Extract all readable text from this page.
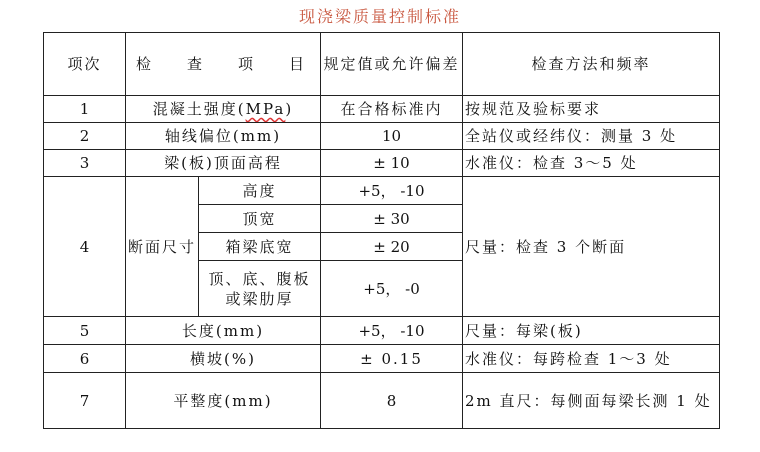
现浇梁质量控制标准
项次	检 查 项 目		规定值或允许偏差	检查方法和频率
1	混凝土强度(MPa)		在合格标准内	按规范及验标要求
2	轴线偏位(mm)		10	全站仪或经纬仪：测量 3 处
3	梁(板)顶面高程		± 10	水准仪：检查 3～5 处
4	断面尺寸	高度	+5， -10	尺量：检查 3 个断面
		顶宽	± 30	
		箱梁底宽	± 20	
		顶、底、腹板或梁肋厚	+5， -0	
5	长度(mm)		+5， -10	尺量：每梁(板)
6	横坡(%)		± 0.15	水准仪：每跨检查 1～3 处
7	平整度(mm)		8	2m 直尺：每侧面每梁长测 1 处
